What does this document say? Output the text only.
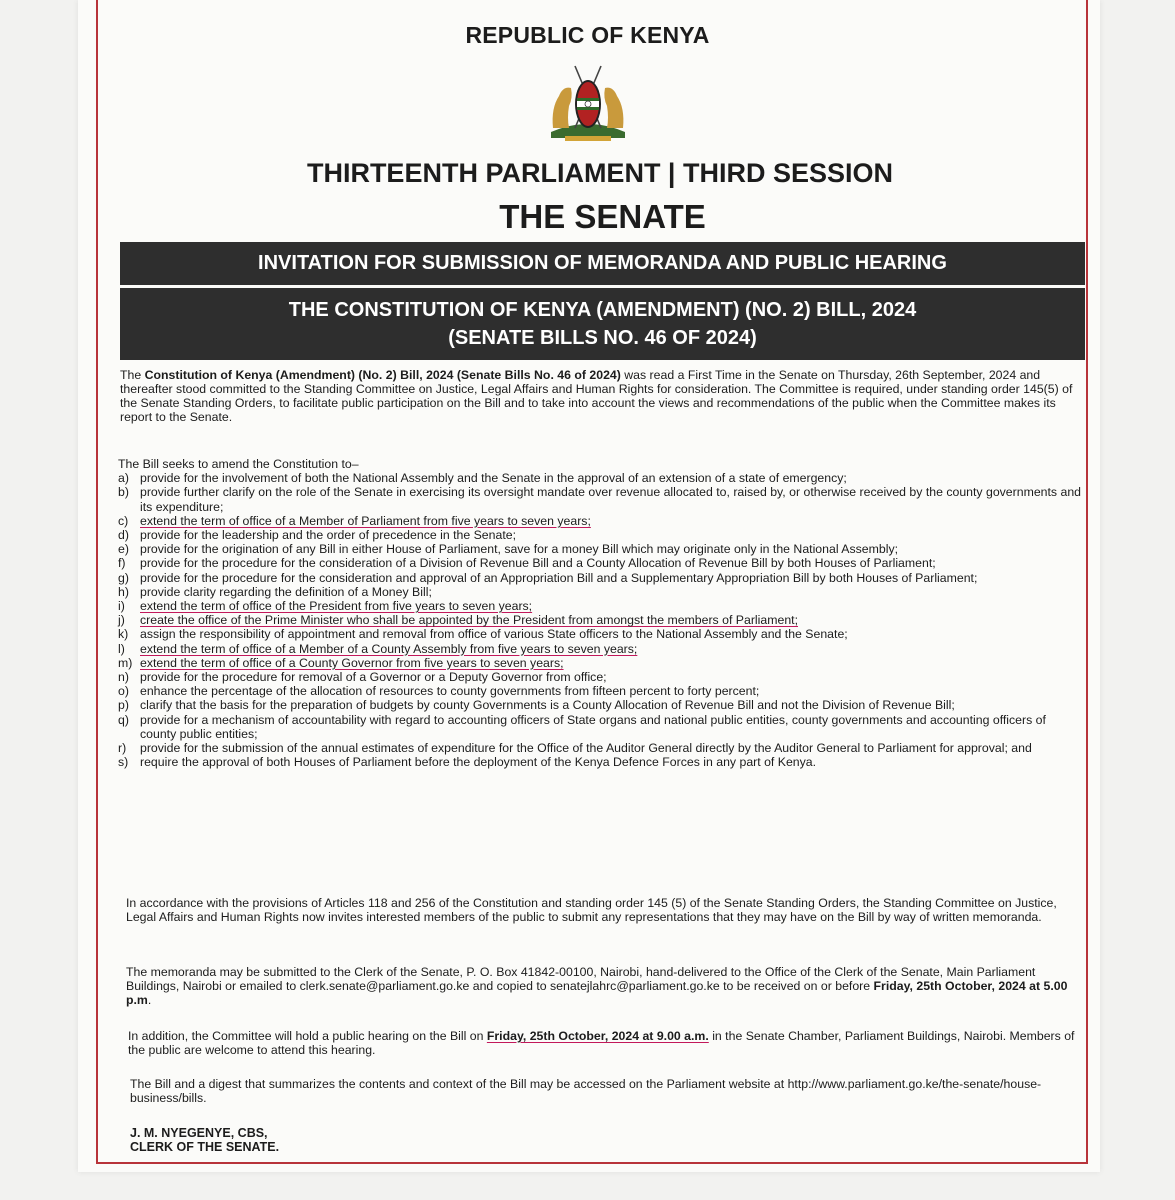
REPUBLIC OF KENYA
THIRTEENTH PARLIAMENT | THIRD SESSION
THE SENATE
INVITATION FOR SUBMISSION OF MEMORANDA AND PUBLIC HEARING
THE CONSTITUTION OF KENYA (AMENDMENT) (NO. 2) BILL, 2024
(SENATE BILLS NO. 46 OF 2024)
The Constitution of Kenya (Amendment) (No. 2) Bill, 2024 (Senate Bills No. 46 of 2024) was read a First Time in the Senate on Thursday, 26th September, 2024 and thereafter stood committed to the Standing Committee on Justice, Legal Affairs and Human Rights for consideration. The Committee is required, under standing order 145(5) of the Senate Standing Orders, to facilitate public participation on the Bill and to take into account the views and recommendations of the public when the Committee makes its report to the Senate.
The Bill seeks to amend the Constitution to–
a) provide for the involvement of both the National Assembly and the Senate in the approval of an extension of a state of emergency;
b) provide further clarify on the role of the Senate in exercising its oversight mandate over revenue allocated to, raised by, or otherwise received by the county governments and its expenditure;
c) extend the term of office of a Member of Parliament from five years to seven years;
d) provide for the leadership and the order of precedence in the Senate;
e) provide for the origination of any Bill in either House of Parliament, save for a money Bill which may originate only in the National Assembly;
f)	provide for the procedure for the consideration of a Division of Revenue Bill and a County Allocation of Revenue Bill by both Houses of Parliament;
g) provide for the procedure for the consideration and approval of an Appropriation Bill and a Supplementary Appropriation Bill by both Houses of Parliament;
h) provide clarity regarding the definition of a Money Bill;
i)	extend the term of office of the President from five years to seven years;
j)	create the office of the Prime Minister who shall be appointed by the President from amongst the members of Parliament;
k) assign the responsibility of appointment and removal from office of various State officers to the National Assembly and the Senate;
l)	extend the term of office of a Member of a County Assembly from five years to seven years;
m) extend the term of office of a County Governor from five years to seven years;
n) provide for the procedure for removal of a Governor or a Deputy Governor from office;
o) enhance the percentage of the allocation of resources to county governments from fifteen percent to forty percent;
p) clarify that the basis for the preparation of budgets by county Governments is a County Allocation of Revenue Bill and not the Division of Revenue Bill;
q) provide for a mechanism of accountability with regard to accounting officers of State organs and national public entities, county governments and accounting officers of county public entities;
r)	provide for the submission of the annual estimates of expenditure for the Office of the Auditor General directly by the Auditor General to Parliament for approval; and
s) require the approval of both Houses of Parliament before the deployment of the Kenya Defence Forces in any part of Kenya.
In accordance with the provisions of Articles 118 and 256 of the Constitution and standing order 145 (5) of the Senate Standing Orders, the Standing Committee on Justice, Legal Affairs and Human Rights now invites interested members of the public to submit any representations that they may have on the Bill by way of written memoranda.
The memoranda may be submitted to the Clerk of the Senate, P. O. Box 41842-00100, Nairobi, hand-delivered to the Office of the Clerk of the Senate, Main Parliament Buildings, Nairobi or emailed to clerk.senate@parliament.go.ke and copied to senatejlahrc@parliament.go.ke to be received on or before Friday, 25th October, 2024 at 5.00 p.m.
In addition, the Committee will hold a public hearing on the Bill on Friday, 25th October, 2024 at 9.00 a.m. in the Senate Chamber, Parliament Buildings, Nairobi. Members of the public are welcome to attend this hearing.
The Bill and a digest that summarizes the contents and context of the Bill may be accessed on the Parliament website at http://www.parliament.go.ke/the-senate/house-business/bills.
J. M. NYEGENYE, CBS,
CLERK OF THE SENATE.
